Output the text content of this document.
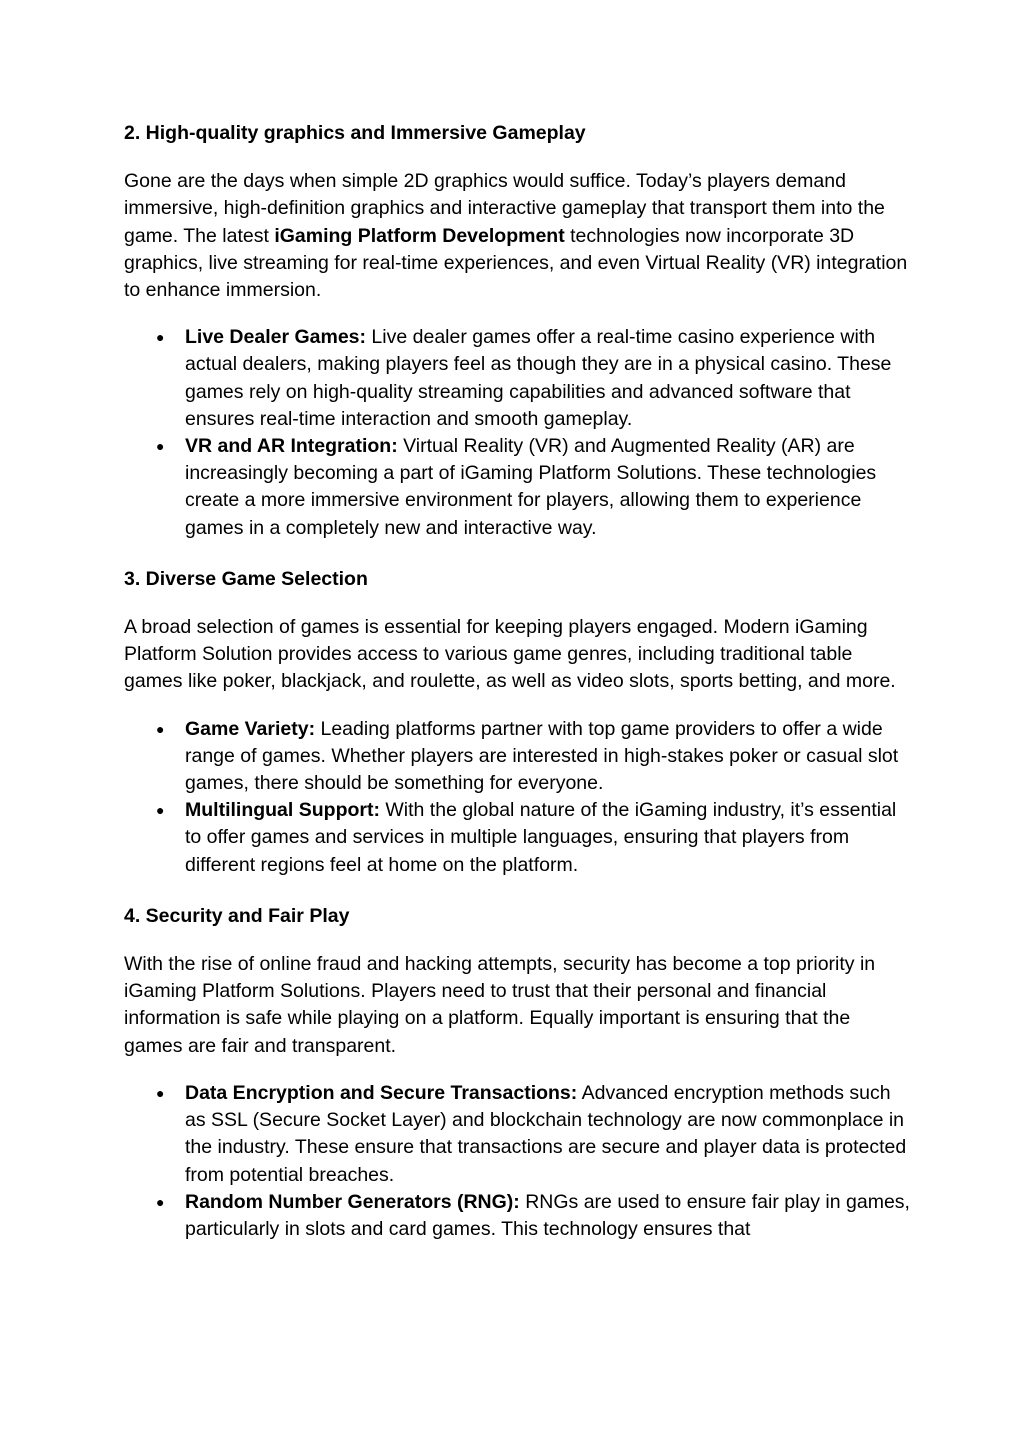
2. High-quality graphics and Immersive Gameplay

Gone are the days when simple 2D graphics would suffice. Today’s players demand immersive, high-definition graphics and interactive gameplay that transport them into the game. The latest iGaming Platform Development technologies now incorporate 3D graphics, live streaming for real-time experiences, and even Virtual Reality (VR) integration to enhance immersion.

● Live Dealer Games: Live dealer games offer a real-time casino experience with actual dealers, making players feel as though they are in a physical casino. These games rely on high-quality streaming capabilities and advanced software that ensures real-time interaction and smooth gameplay.
● VR and AR Integration: Virtual Reality (VR) and Augmented Reality (AR) are increasingly becoming a part of iGaming Platform Solutions. These technologies create a more immersive environment for players, allowing them to experience games in a completely new and interactive way.

3. Diverse Game Selection

A broad selection of games is essential for keeping players engaged. Modern iGaming Platform Solution provides access to various game genres, including traditional table games like poker, blackjack, and roulette, as well as video slots, sports betting, and more.

● Game Variety: Leading platforms partner with top game providers to offer a wide range of games. Whether players are interested in high-stakes poker or casual slot games, there should be something for everyone.
● Multilingual Support: With the global nature of the iGaming industry, it’s essential to offer games and services in multiple languages, ensuring that players from different regions feel at home on the platform.

4. Security and Fair Play

With the rise of online fraud and hacking attempts, security has become a top priority in iGaming Platform Solutions. Players need to trust that their personal and financial information is safe while playing on a platform. Equally important is ensuring that the games are fair and transparent.

● Data Encryption and Secure Transactions: Advanced encryption methods such as SSL (Secure Socket Layer) and blockchain technology are now commonplace in the industry. These ensure that transactions are secure and player data is protected from potential breaches.
● Random Number Generators (RNG): RNGs are used to ensure fair play in games, particularly in slots and card games. This technology ensures that
